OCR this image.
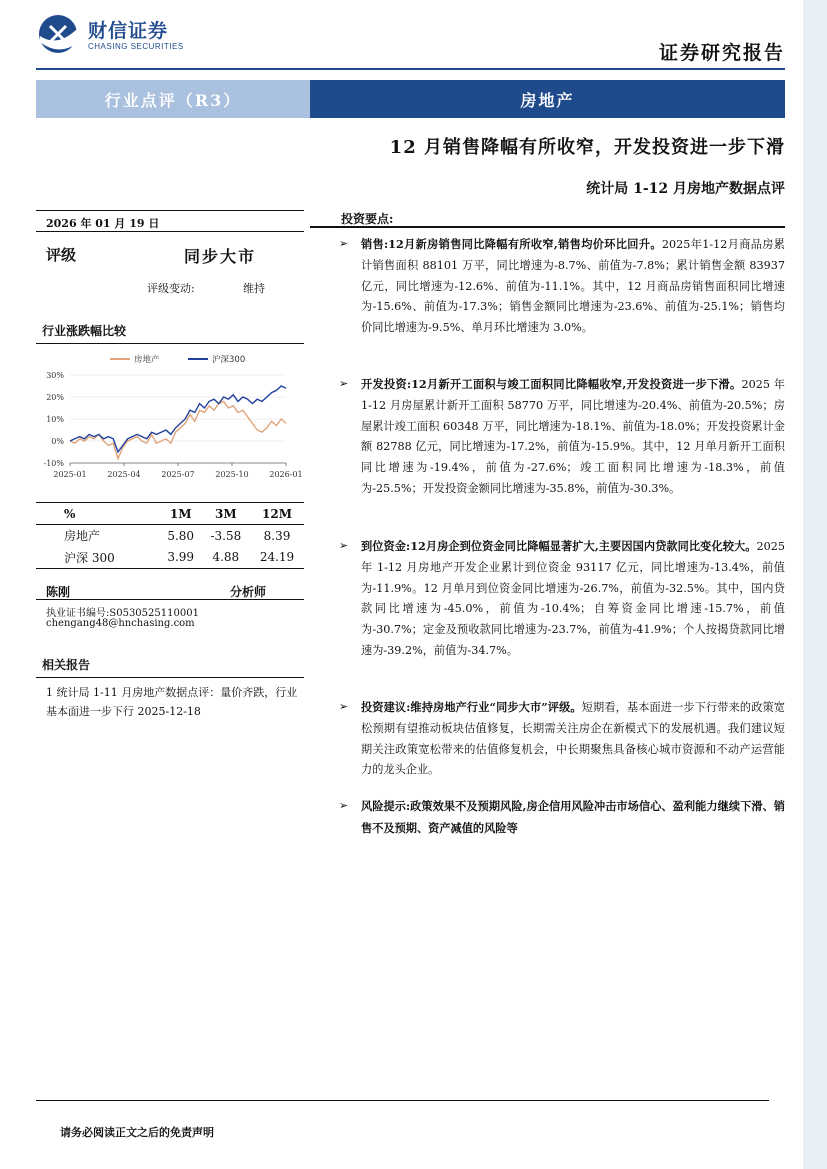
财信证券
CHASING SECURITIES	证券研究报告
行业点评（R3）	房地产
12 月销售降幅有所收窄，开发投资进一步下滑
统计局 1-12 月房地产数据点评
2026 年 01 月 19 日
评级	同步大市
评级变动:	维持
行业涨跌幅比较
30%
20%
10%
0%
-10%
2025-01	2025-04	2025-07	2025-10	2026-01
房地产	沪深300
%	1M	3M	12M
房地产	5.80	-3.58	8.39
沪深 300	3.99	4.88	24.19
陈刚	分析师
执业证书编号:S0530525110001
chengang48@hnchasing.com
相关报告
1 统计局 1-11 月房地产数据点评：量价齐跌，行业基本面进一步下行 2025-12-18
投资要点:
➢	销售:12月新房销售同比降幅有所收窄,销售均价环比回升。2025年1-12月商品房累计销售面积 88101 万平，同比增速为-8.7%、前值为-7.8%；累计销售金额 83937 亿元，同比增速为-12.6%、前值为-11.1%。其中，12 月商品房销售面积同比增速为-15.6%、前值为-17.3%；销售金额同比增速为-23.6%、前值为-25.1%；销售均价同比增速为-9.5%、单月环比增速为 3.0%。
➢	开发投资:12月新开工面积与竣工面积同比降幅收窄,开发投资进一步下滑。2025 年 1-12 月房屋累计新开工面积 58770 万平，同比增速为-20.4%、前值为-20.5%；房屋累计竣工面积 60348 万平，同比增速为-18.1%、前值为-18.0%；开发投资累计金额 82788 亿元，同比增速为-17.2%，前值为-15.9%。其中，12 月单月新开工面积同比增速为-19.4%，前值为-27.6%；竣工面积同比增速为-18.3%，前值为-25.5%；开发投资金额同比增速为-35.8%，前值为-30.3%。
➢	到位资金:12月房企到位资金同比降幅显著扩大,主要因国内贷款同比变化较大。2025 年 1-12 月房地产开发企业累计到位资金 93117 亿元，同比增速为-13.4%，前值为-11.9%。12 月单月到位资金同比增速为-26.7%，前值为-32.5%。其中，国内贷款同比增速为-45.0%，前值为-10.4%；自筹资金同比增速-15.7%，前值为-30.7%；定金及预收款同比增速为-23.7%，前值为-41.9%；个人按揭贷款同比增速为-39.2%，前值为-34.7%。
➢	投资建议:维持房地产行业“同步大市”评级。短期看，基本面进一步下行带来的政策宽松预期有望推动板块估值修复，长期需关注房企在新模式下的发展机遇。我们建议短期关注政策宽松带来的估值修复机会，中长期聚焦具备核心城市资源和不动产运营能力的龙头企业。
➢	风险提示:政策效果不及预期风险,房企信用风险冲击市场信心、盈利能力继续下滑、销售不及预期、资产减值的风险等
请务必阅读正文之后的免责声明
